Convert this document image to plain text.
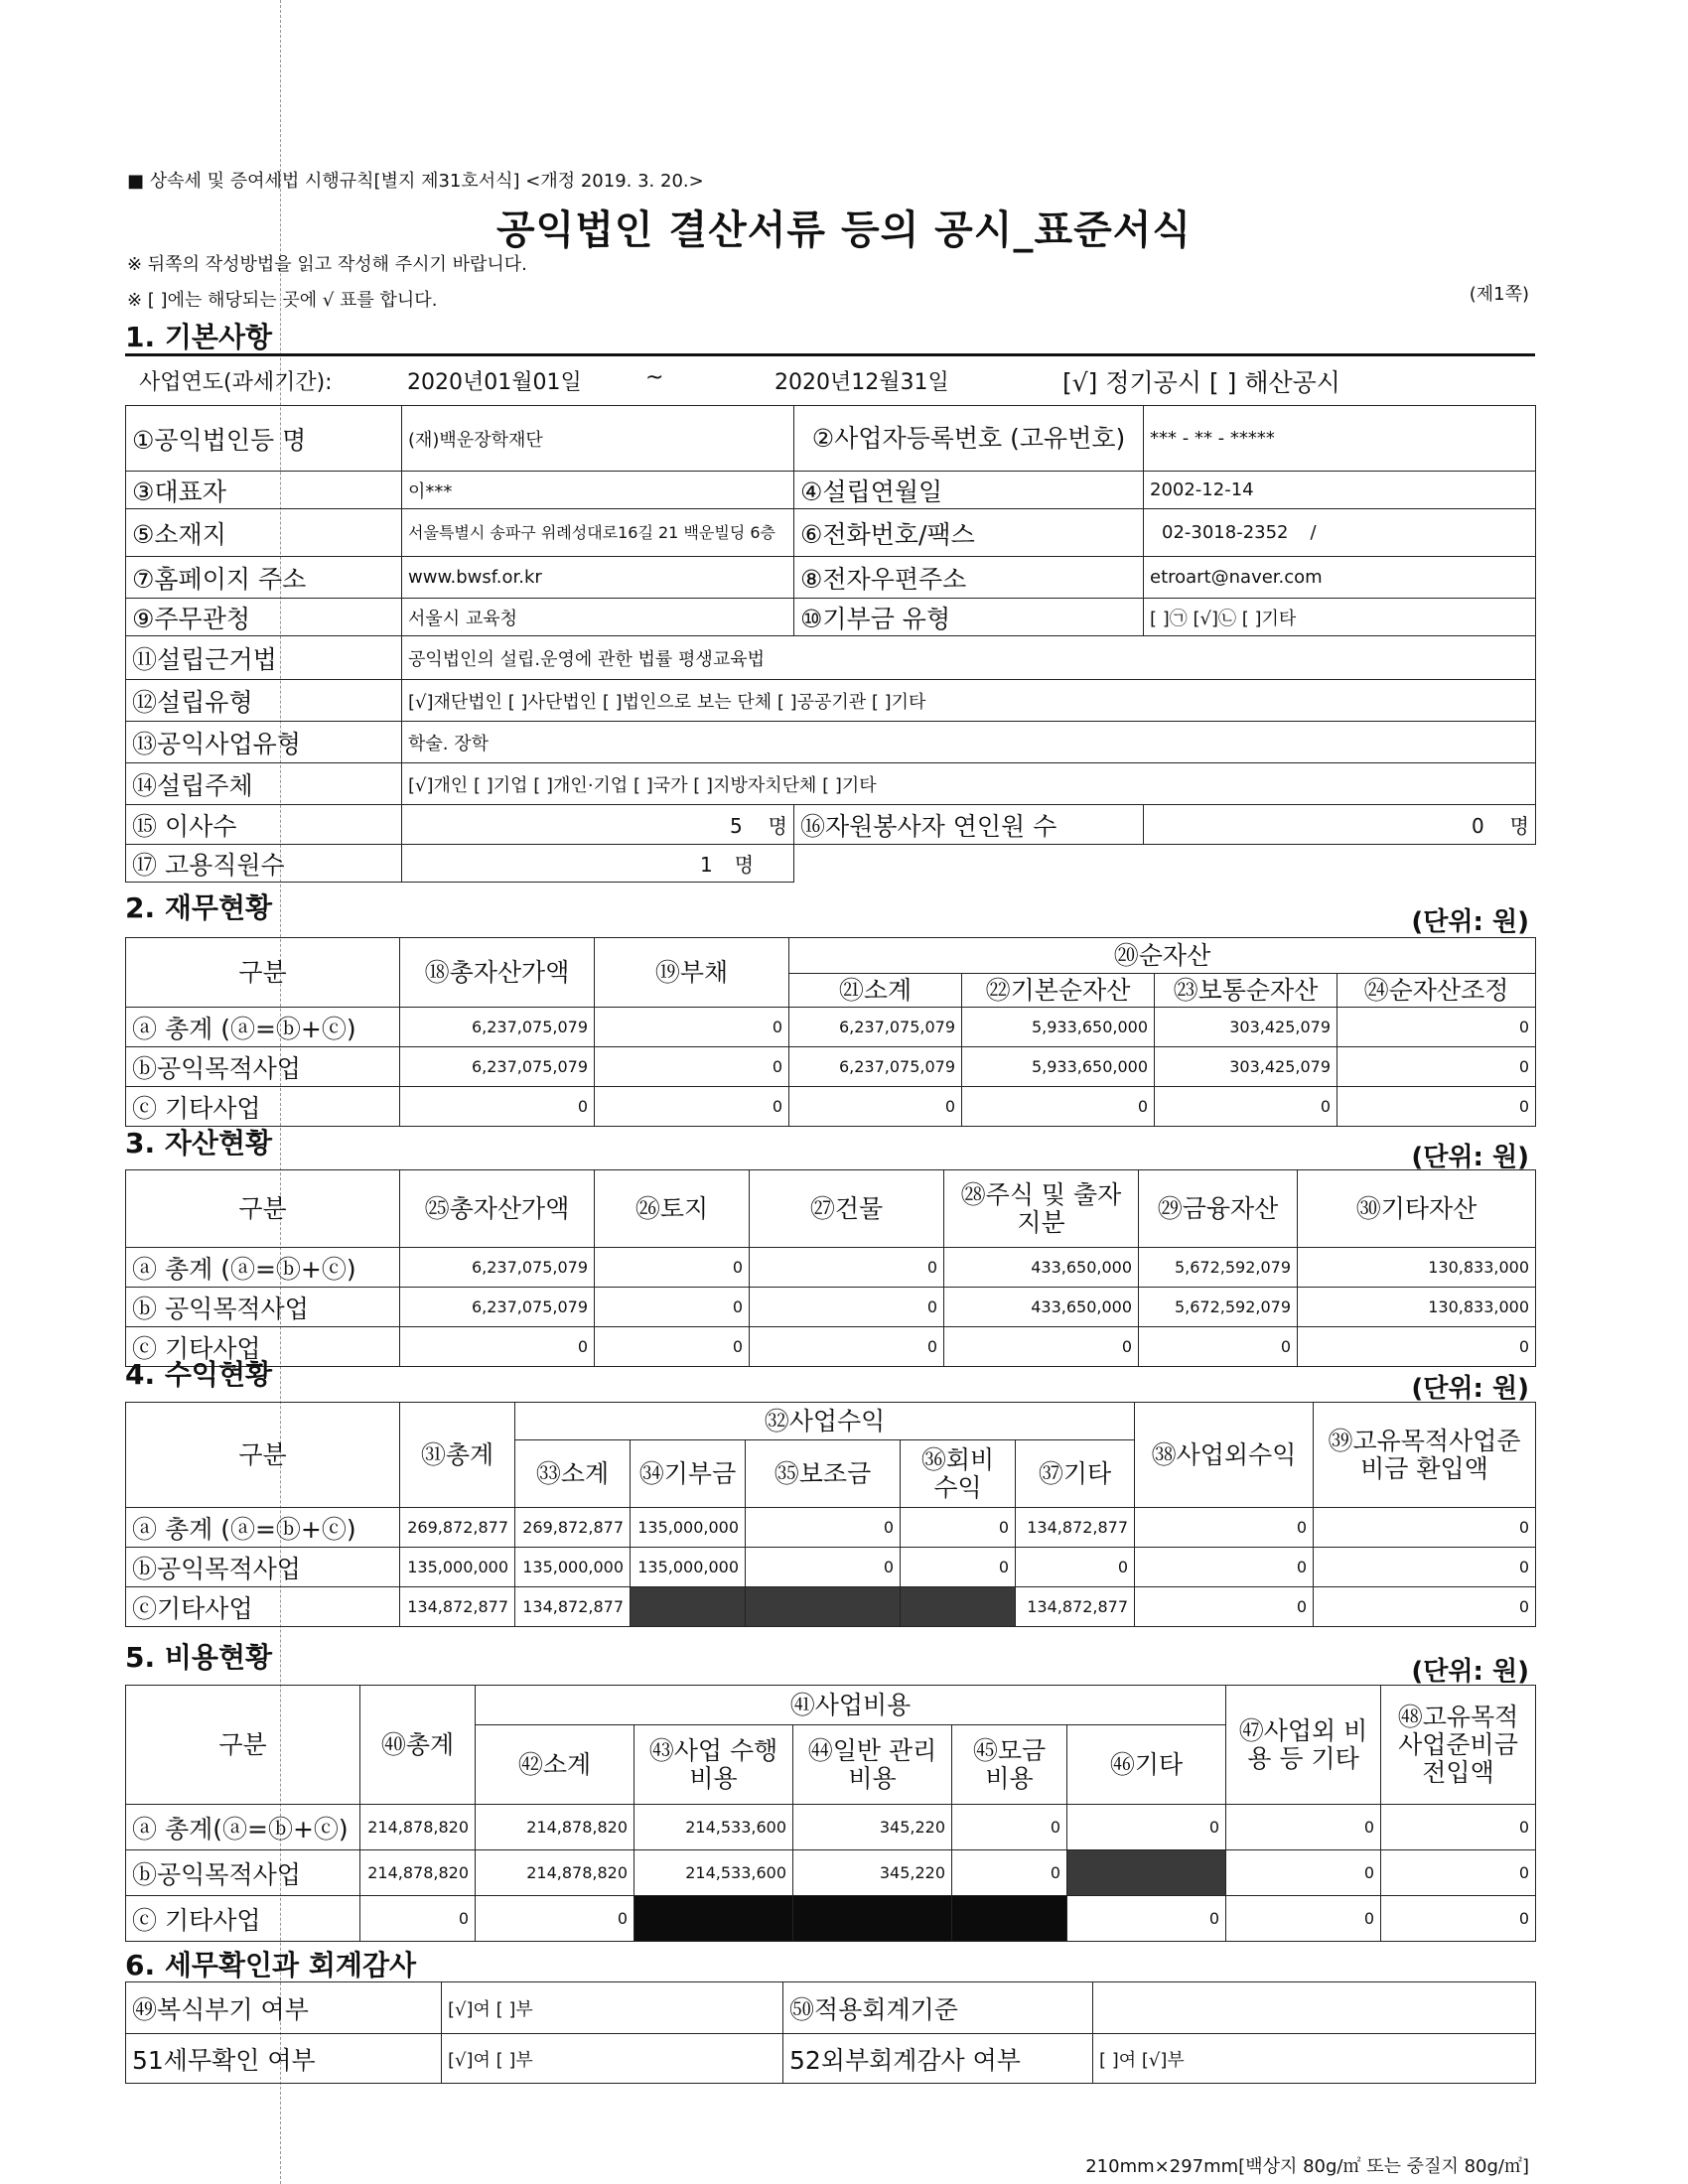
■ 상속세 및 증여세법 시행규칙[별지 제31호서식] <개정 2019. 3. 20.>
공익법인 결산서류 등의 공시_표준서식
※ 뒤쪽의 작성방법을 읽고 작성해 주시기 바랍니다.
※ [ ]에는 해당되는 곳에 √ 표를 합니다.	(제1쪽)
1. 기본사항
사업연도(과세기간):	2020년01월01일	~	2020년12월31일	[√] 정기공시 [ ] 해산공시
①공익법인등 명	(재)백운장학재단	②사업자등록번호 (고유번호)	*** - ** - *****
③대표자	이***	④설립연월일	2002-12-14
⑤소재지	서울특별시 송파구 위례성대로16길 21 백운빌딩 6층	⑥전화번호/팩스	02-3018-2352 /
⑦홈페이지 주소	www.bwsf.or.kr	⑧전자우편주소	etroart@naver.com
⑨주무관청	서울시 교육청	⑩기부금 유형	[ ]㉠ [√]㉡ [ ]기타
⑪설립근거법	공익법인의 설립.운영에 관한 법률 평생교육법		
⑫설립유형	[√]재단법인 [ ]사단법인 [ ]법인으로 보는 단체 [ ]공공기관 [ ]기타		
⑬공익사업유형	학술. 장학		
⑭설립주체	[√]개인 [ ]기업 [ ]개인·기업 [ ]국가 [ ]지방자치단체 [ ]기타		
⑮ 이사수	5 명	⑯자원봉사자 연인원 수	0 명
⑰ 고용직원수	1 명		
2. 재무현황	(단위: 원)
구분	⑱총자산가액	⑲부채	⑳순자산			
			㉑소계	㉒기본순자산	㉓보통순자산	㉔순자산조정
ⓐ 총계 (ⓐ=ⓑ+ⓒ)	6,237,075,079	0	6,237,075,079	5,933,650,000	303,425,079	0
ⓑ공익목적사업	6,237,075,079	0	6,237,075,079	5,933,650,000	303,425,079	0
ⓒ 기타사업	0	0	0	0	0	0
3. 자산현황	(단위: 원)
구분	㉕총자산가액	㉖토지	㉗건물	㉘주식 및 출자지분	㉙금융자산	㉚기타자산
ⓐ 총계 (ⓐ=ⓑ+ⓒ)	6,237,075,079	0	0	433,650,000	5,672,592,079	130,833,000
ⓑ 공익목적사업	6,237,075,079	0	0	433,650,000	5,672,592,079	130,833,000
ⓒ 기타사업	0	0	0	0	0	0
4. 수익현황	(단위: 원)
구분	㉛총계	㉜사업수익					㊳사업외수익	㊴고유목적사업준비금 환입액
		㉝소계	㉞기부금	㉟보조금	㊱회비 수익	㊲기타		
ⓐ 총계 (ⓐ=ⓑ+ⓒ)	269,872,877	269,872,877	135,000,000	0	0	134,872,877	0	0
ⓑ공익목적사업	135,000,000	135,000,000	135,000,000	0	0	0	0	0
ⓒ기타사업	134,872,877	134,872,877				134,872,877	0	0
5. 비용현황	(단위: 원)
구분	㊵총계	㊶사업비용					㊼사업외 비용 등 기타	㊽고유목적 사업준비금전입액
		㊷소계	㊸사업 수행비용	㊹일반 관리비용	㊺모금 비용	㊻기타		
ⓐ 총계(ⓐ=ⓑ+ⓒ)	214,878,820	214,878,820	214,533,600	345,220	0	0	0	0
ⓑ공익목적사업	214,878,820	214,878,820	214,533,600	345,220	0		0	0
ⓒ 기타사업	0	0				0	0	0
6. 세무확인과 회계감사
㊾복식부기 여부	[√]여 [ ]부	㊿적용회계기준	
51세무확인 여부	[√]여 [ ]부	52외부회계감사 여부	[ ]여 [√]부
210mm×297mm[백상지 80g/㎡ 또는 중질지 80g/㎡]
